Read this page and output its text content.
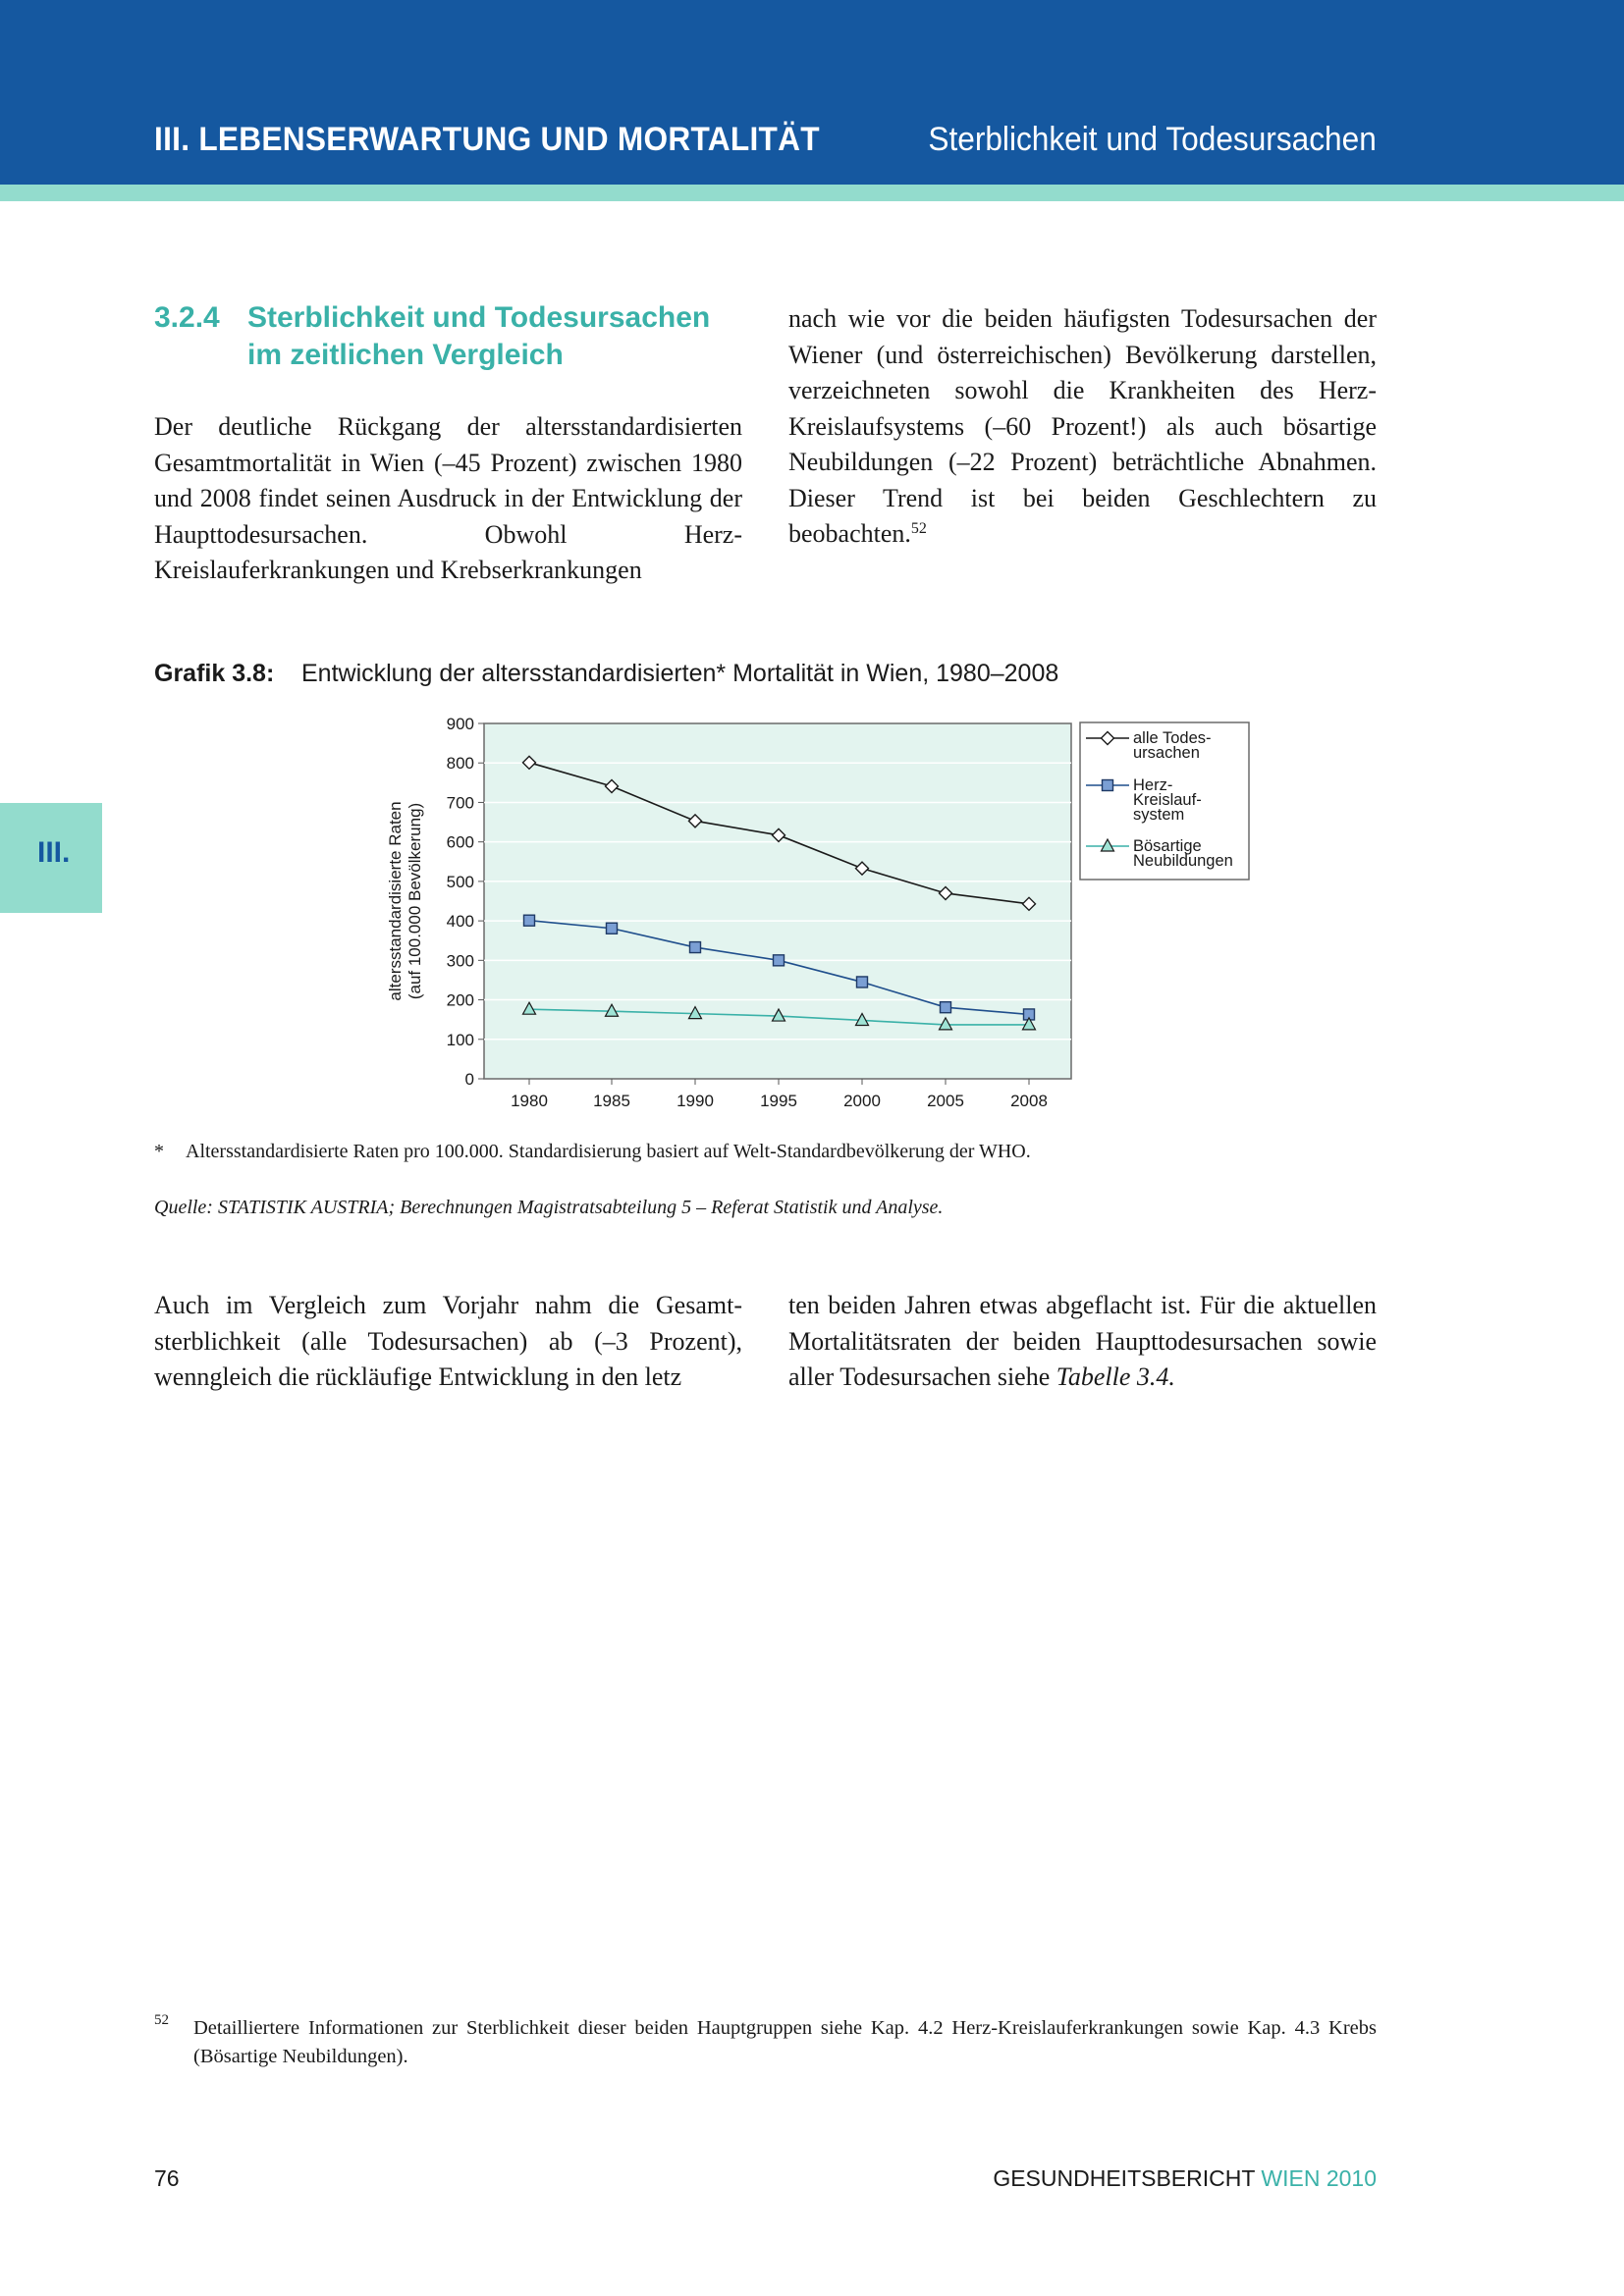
III. LEBENSERWARTUNG UND MORTALITÄT	Sterblichkeit und Todesursachen
III.
3.2.4 Sterblichkeit und Todesursachen im zeitlichen Vergleich

Der deutliche Rückgang der altersstandardisierten Gesamtmortalität in Wien (–45 Prozent) zwischen 1980 und 2008 findet seinen Ausdruck in der Entwicklung der Haupttodesursachen. Obwohl Herz-Kreislauferkrankungen und Krebserkrankungen

nach wie vor die beiden häufigsten Todesursachen der Wiener (und österreichischen) Bevölkerung darstellen, verzeichneten sowohl die Krankheiten des Herz-Kreislaufsystems (–60 Prozent!) als auch bösartige Neubildungen (–22 Prozent) beträchtliche Abnahmen. Dieser Trend ist bei beiden Geschlechtern zu beobachten.$^{52}$

Grafik 3.8: Entwicklung der altersstandardisierten* Mortalität in Wien, 1980–2008
0
100
200
300
400
500
600
700
800
900
1980	1985	1990	1995	2000	2005	2008
altersstandardisierte Raten (auf 100.000 Bevölkerung)
alle Todes-
ursachen
Herz-
Kreislauf-
system
Bösartige
Neubildungen
* Altersstandardisierte Raten pro 100.000. Standardisierung basiert auf Welt-Standardbevölkerung der WHO.
Quelle: STATISTIK AUSTRIA; Berechnungen Magistratsabteilung 5 – Referat Statistik und Analyse.

Auch im Vergleich zum Vorjahr nahm die Gesamtsterblichkeit (alle Todesursachen) ab (–3 Prozent), wenngleich die rückläufige Entwicklung in den letz

ten beiden Jahren etwas abgeflacht ist. Für die aktuellen Mortalitätsraten der beiden Haupttodesursachen sowie aller Todesursachen siehe Tabelle 3.4.

52 Detailliertere Informationen zur Sterblichkeit dieser beiden Hauptgruppen siehe Kap. 4.2 Herz-Kreislauferkrankungen sowie Kap. 4.3 Krebs (Bösartige Neubildungen).
76	GESUNDHEITSBERICHT WIEN 2010
